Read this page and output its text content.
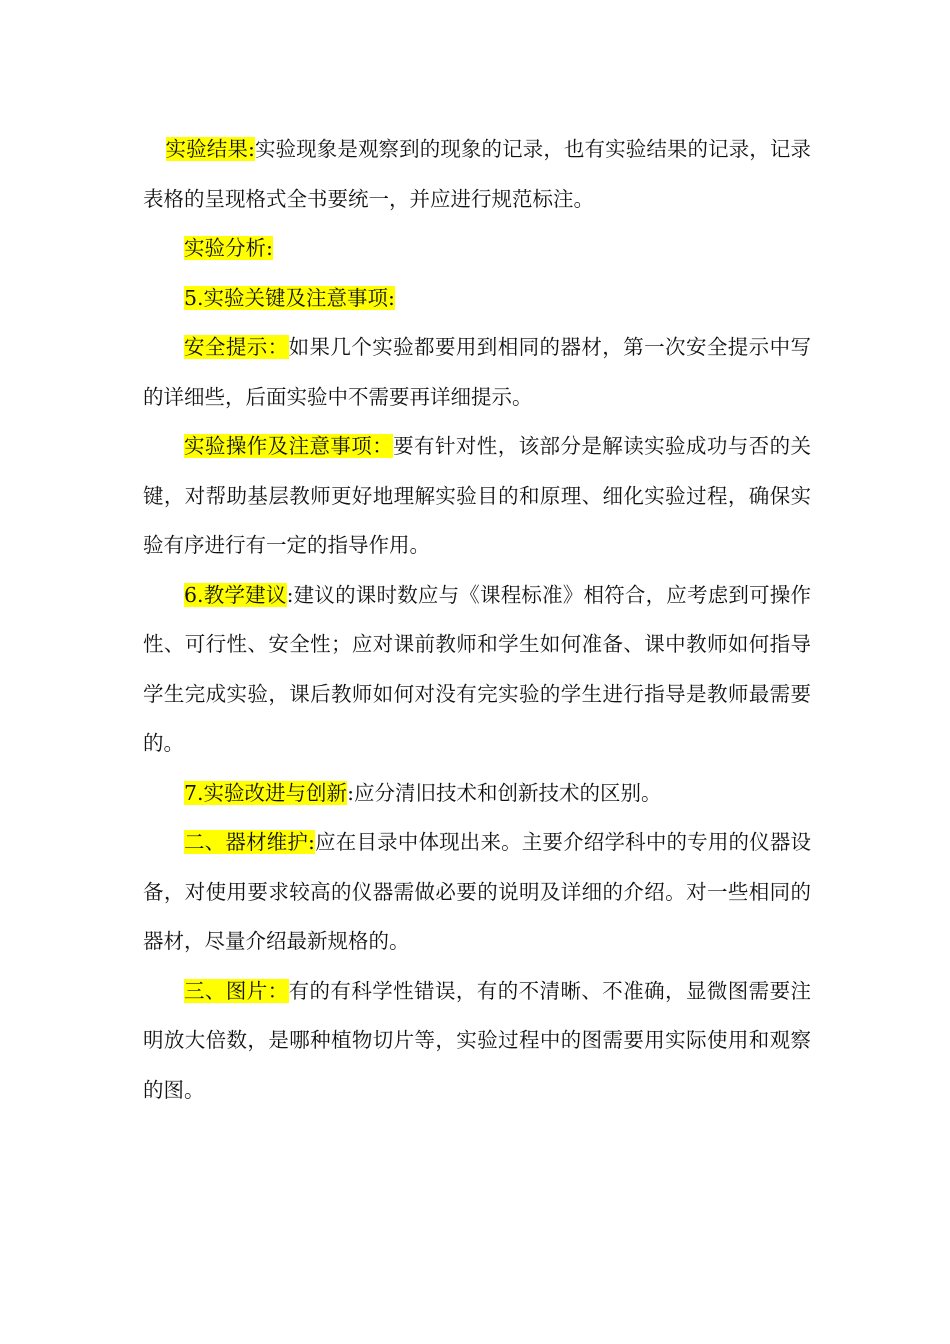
实验结果:实验现象是观察到的现象的记录，也有实验结果的记录，记录表格的呈现格式全书要统一，并应进行规范标注。

实验分析:

5.实验关键及注意事项:

安全提示：如果几个实验都要用到相同的器材，第一次安全提示中写的详细些，后面实验中不需要再详细提示。

实验操作及注意事项：要有针对性，该部分是解读实验成功与否的关键，对帮助基层教师更好地理解实验目的和原理、细化实验过程，确保实验有序进行有一定的指导作用。

6.教学建议:建议的课时数应与《课程标准》相符合，应考虑到可操作性、可行性、安全性；应对课前教师和学生如何准备、课中教师如何指导学生完成实验，课后教师如何对没有完实验的学生进行指导是教师最需要的。

7.实验改进与创新:应分清旧技术和创新技术的区别。

二、器材维护:应在目录中体现出来。主要介绍学科中的专用的仪器设备，对使用要求较高的仪器需做必要的说明及详细的介绍。对一些相同的器材，尽量介绍最新规格的。

三、图片：有的有科学性错误，有的不清晰、不准确，显微图需要注明放大倍数，是哪种植物切片等，实验过程中的图需要用实际使用和观察的图。
